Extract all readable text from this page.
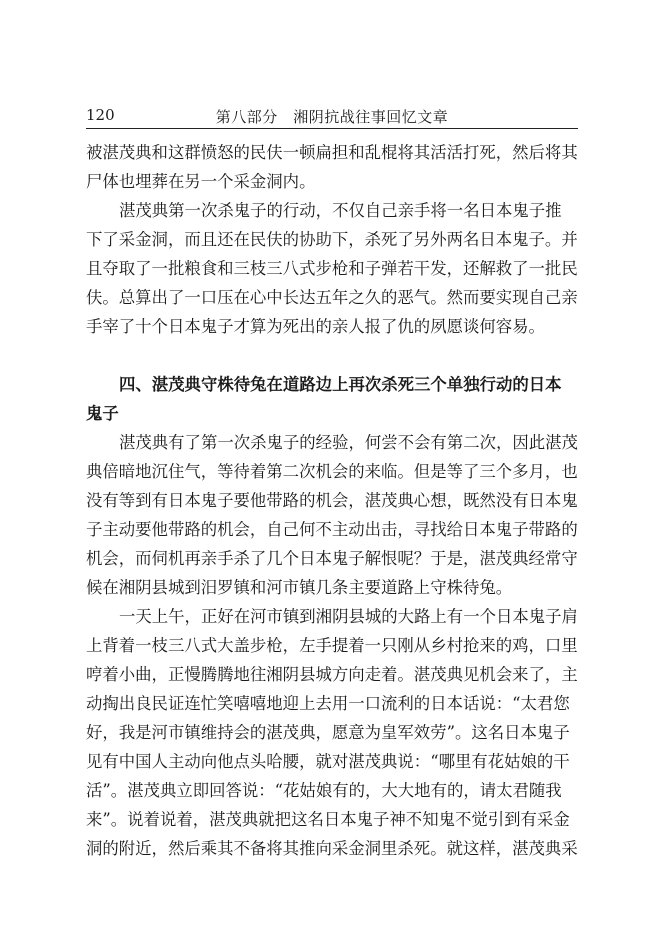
120	第八部分　湘阴抗战往事回忆文章
被湛茂典和这群愤怒的民伕一顿扁担和乱棍将其活活打死，然后将其
尸体也埋葬在另一个采金洞内。
湛茂典第一次杀鬼子的行动，不仅自己亲手将一名日本鬼子推
下了采金洞，而且还在民伕的协助下，杀死了另外两名日本鬼子。并
且夺取了一批粮食和三枝三八式步枪和子弹若干发，还解救了一批民
伕。总算出了一口压在心中长达五年之久的恶气。然而要实现自己亲
手宰了十个日本鬼子才算为死出的亲人报了仇的夙愿谈何容易。
四、湛茂典守株待兔在道路边上再次杀死三个单独行动的日本
鬼子
湛茂典有了第一次杀鬼子的经验，何尝不会有第二次，因此湛茂
典倍暗地沉住气，等待着第二次机会的来临。但是等了三个多月，也
没有等到有日本鬼子要他带路的机会，湛茂典心想，既然没有日本鬼
子主动要他带路的机会，自己何不主动出击，寻找给日本鬼子带路的
机会，而伺机再亲手杀了几个日本鬼子解恨呢？于是，湛茂典经常守
候在湘阴县城到汨罗镇和河市镇几条主要道路上守株待兔。
一天上午，正好在河市镇到湘阴县城的大路上有一个日本鬼子肩
上背着一枝三八式大盖步枪，左手提着一只刚从乡村抢来的鸡，口里
哼着小曲，正慢腾腾地往湘阴县城方向走着。湛茂典见机会来了，主
动掏出良民证连忙笑嘻嘻地迎上去用一口流利的日本话说：“太君您
好，我是河市镇维持会的湛茂典，愿意为皇军效劳”。这名日本鬼子
见有中国人主动向他点头哈腰，就对湛茂典说：“哪里有花姑娘的干
活”。湛茂典立即回答说：“花姑娘有的，大大地有的，请太君随我
来”。说着说着，湛茂典就把这名日本鬼子神不知鬼不觉引到有采金
洞的附近，然后乘其不备将其推向采金洞里杀死。就这样，湛茂典采
